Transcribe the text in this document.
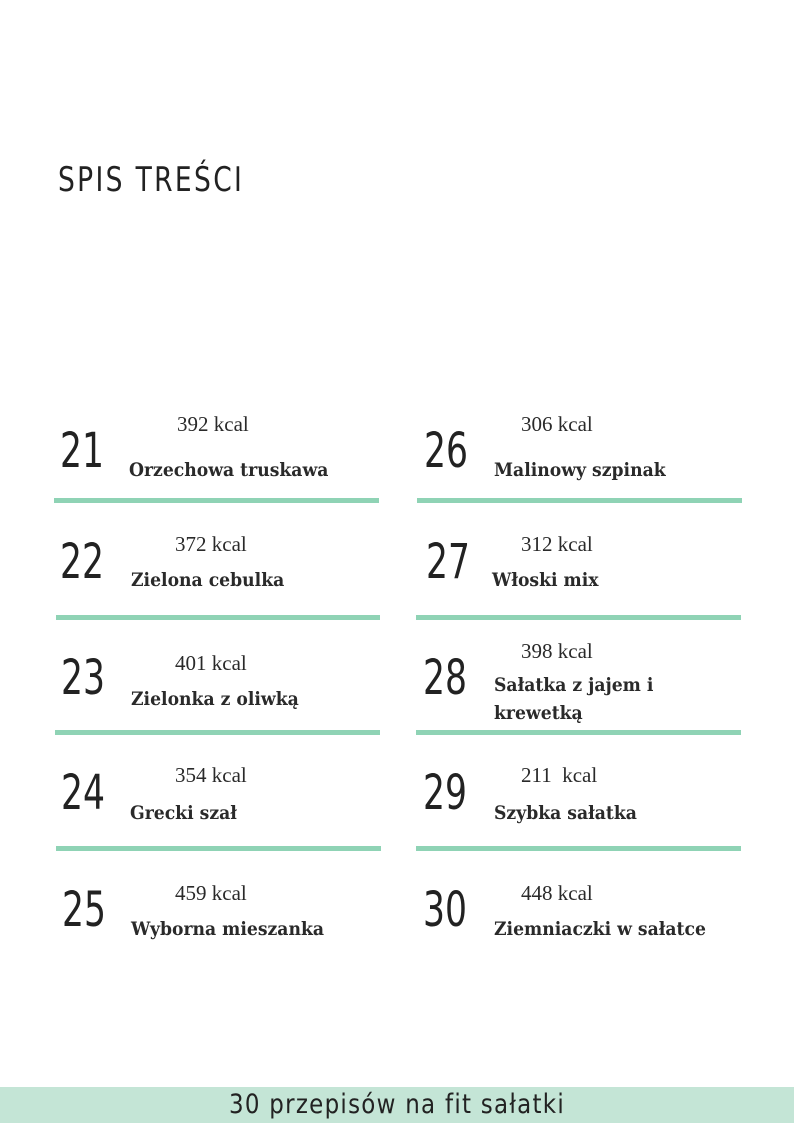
SPIS TREŚCI
21	392 kcal
Orzechowa truskawa
22	372 kcal
Zielona cebulka
23	401 kcal
Zielonka z oliwką
24	354 kcal
Grecki szał
25	459 kcal
Wyborna mieszanka
26	306 kcal
Malinowy szpinak
27 312 kcal
Włoski mix
28	398 kcal
Sałatka z jajem i krewetką
29	211  kcal
Szybka sałatka
30	448 kcal
Ziemniaczki w sałatce
30 przepisów na fit sałatki
